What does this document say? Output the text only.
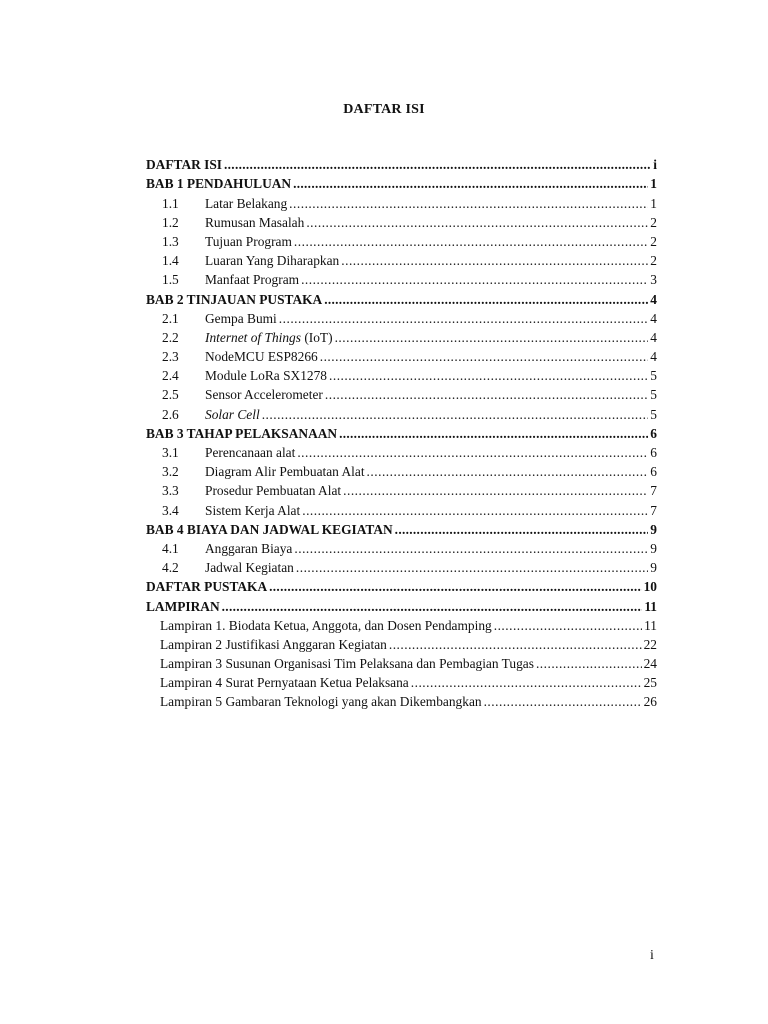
DAFTAR ISI
DAFTAR ISI .....	i
BAB 1 PENDAHULUAN .....	1
1.1	Latar Belakang .....	1
1.2	Rumusan Masalah .....	2
1.3	Tujuan Program .....	2
1.4	Luaran Yang Diharapkan .....	2
1.5	Manfaat Program .....	3
BAB 2 TINJAUAN PUSTAKA .....	4
2.1	Gempa Bumi .....	4
2.2	Internet of Things (IoT) .....	4
2.3	NodeMCU ESP8266 .....	4
2.4	Module LoRa SX1278 .....	5
2.5	Sensor Accelerometer .....	5
2.6	Solar Cell .....	5
BAB 3 TAHAP PELAKSANAAN .....	6
3.1	Perencanaan alat .....	6
3.2	Diagram Alir Pembuatan Alat .....	6
3.3	Prosedur Pembuatan Alat .....	7
3.4	Sistem Kerja Alat .....	7
BAB 4 BIAYA DAN JADWAL KEGIATAN .....	9
4.1	Anggaran Biaya .....	9
4.2	Jadwal Kegiatan .....	9
DAFTAR PUSTAKA .....	10
LAMPIRAN .....	11
Lampiran 1. Biodata Ketua, Anggota, dan Dosen Pendamping .....	11
Lampiran 2 Justifikasi Anggaran Kegiatan .....	22
Lampiran 3 Susunan Organisasi Tim Pelaksana dan Pembagian Tugas .....	24
Lampiran 4 Surat Pernyataan Ketua Pelaksana .....	25
Lampiran 5 Gambaran Teknologi yang akan Dikembangkan .....	26
i
